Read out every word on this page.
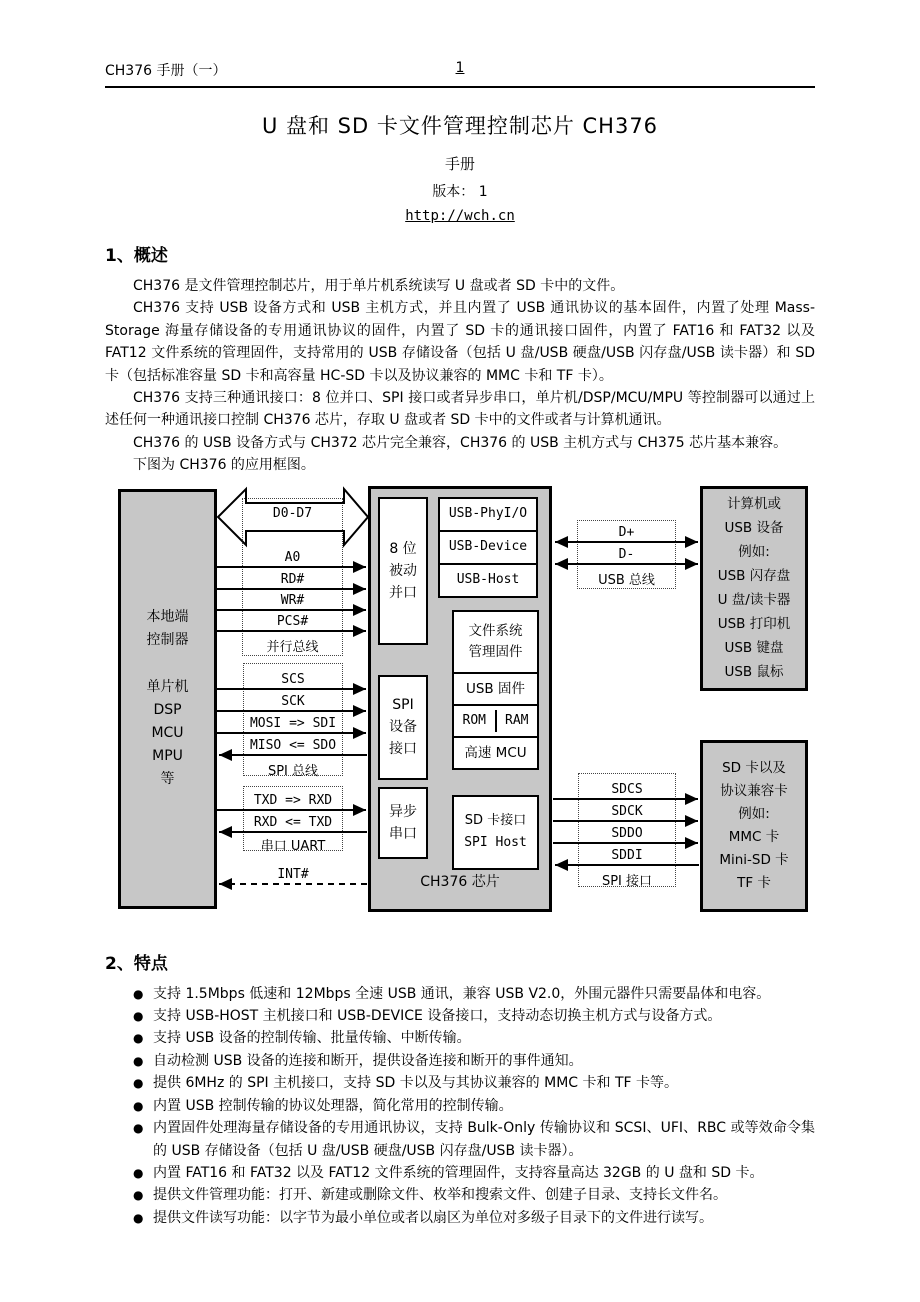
CH376 手册（一）	1
U 盘和 SD 卡文件管理控制芯片 CH376
手册
版本： 1
http://wch.cn
1、概述

CH376 是文件管理控制芯片，用于单片机系统读写 U 盘或者 SD 卡中的文件。

CH376 支持 USB 设备方式和 USB 主机方式，并且内置了 USB 通讯协议的基本固件，内置了处理 Mass-Storage 海量存储设备的专用通讯协议的固件，内置了 SD 卡的通讯接口固件，内置了 FAT16 和 FAT32 以及 FAT12 文件系统的管理固件，支持常用的 USB 存储设备（包括 U 盘/USB 硬盘/USB 闪存盘/USB 读卡器）和 SD 卡（包括标准容量 SD 卡和高容量 HC-SD 卡以及协议兼容的 MMC 卡和 TF 卡）。

CH376 支持三种通讯接口：8 位并口、SPI 接口或者异步串口，单片机/DSP/MCU/MPU 等控制器可以通过上述任何一种通讯接口控制 CH376 芯片，存取 U 盘或者 SD 卡中的文件或者与计算机通讯。

CH376 的 USB 设备方式与 CH372 芯片完全兼容，CH376 的 USB 主机方式与 CH375 芯片基本兼容。

下图为 CH376 的应用框图。

本地端
控制器
单片机
DSP
MCU
MPU
等
CH376 芯片
8 位
被动
并口
SPI
设备
接口
异步
串口
USB-PhyI/O
USB-Device
USB-Host
文件系统
管理固件
USB 固件
ROM	RAM
高速 MCU
SD 卡接口
SPI Host
计算机或
USB 设备
例如:
USB 闪存盘
U 盘/读卡器
USB 打印机
USB 键盘
USB 鼠标
SD 卡以及
协议兼容卡
例如:
MMC 卡
Mini-SD 卡
TF 卡
D0-D7
A0
RD#
WR#
PCS#
并行总线
SCS
SCK
MOSI => SDI
MISO <= SDO
SPI 总线
TXD => RXD
RXD <= TXD
串口 UART
INT#
D+
D-
USB 总线
SDCS
SDCK
SDDO
SDDI
SPI 接口
2、特点
● 支持 1.5Mbps 低速和 12Mbps 全速 USB 通讯，兼容 USB V2.0，外围元器件只需要晶体和电容。
● 支持 USB-HOST 主机接口和 USB-DEVICE 设备接口，支持动态切换主机方式与设备方式。
● 支持 USB 设备的控制传输、批量传输、中断传输。
● 自动检测 USB 设备的连接和断开，提供设备连接和断开的事件通知。
● 提供 6MHz 的 SPI 主机接口，支持 SD 卡以及与其协议兼容的 MMC 卡和 TF 卡等。
● 内置 USB 控制传输的协议处理器，简化常用的控制传输。
● 内置固件处理海量存储设备的专用通讯协议，支持 Bulk-Only 传输协议和 SCSI、UFI、RBC 或等效命令集的 USB 存储设备（包括 U 盘/USB 硬盘/USB 闪存盘/USB 读卡器）。
● 内置 FAT16 和 FAT32 以及 FAT12 文件系统的管理固件，支持容量高达 32GB 的 U 盘和 SD 卡。
● 提供文件管理功能：打开、新建或删除文件、枚举和搜索文件、创建子目录、支持长文件名。
● 提供文件读写功能：以字节为最小单位或者以扇区为单位对多级子目录下的文件进行读写。
